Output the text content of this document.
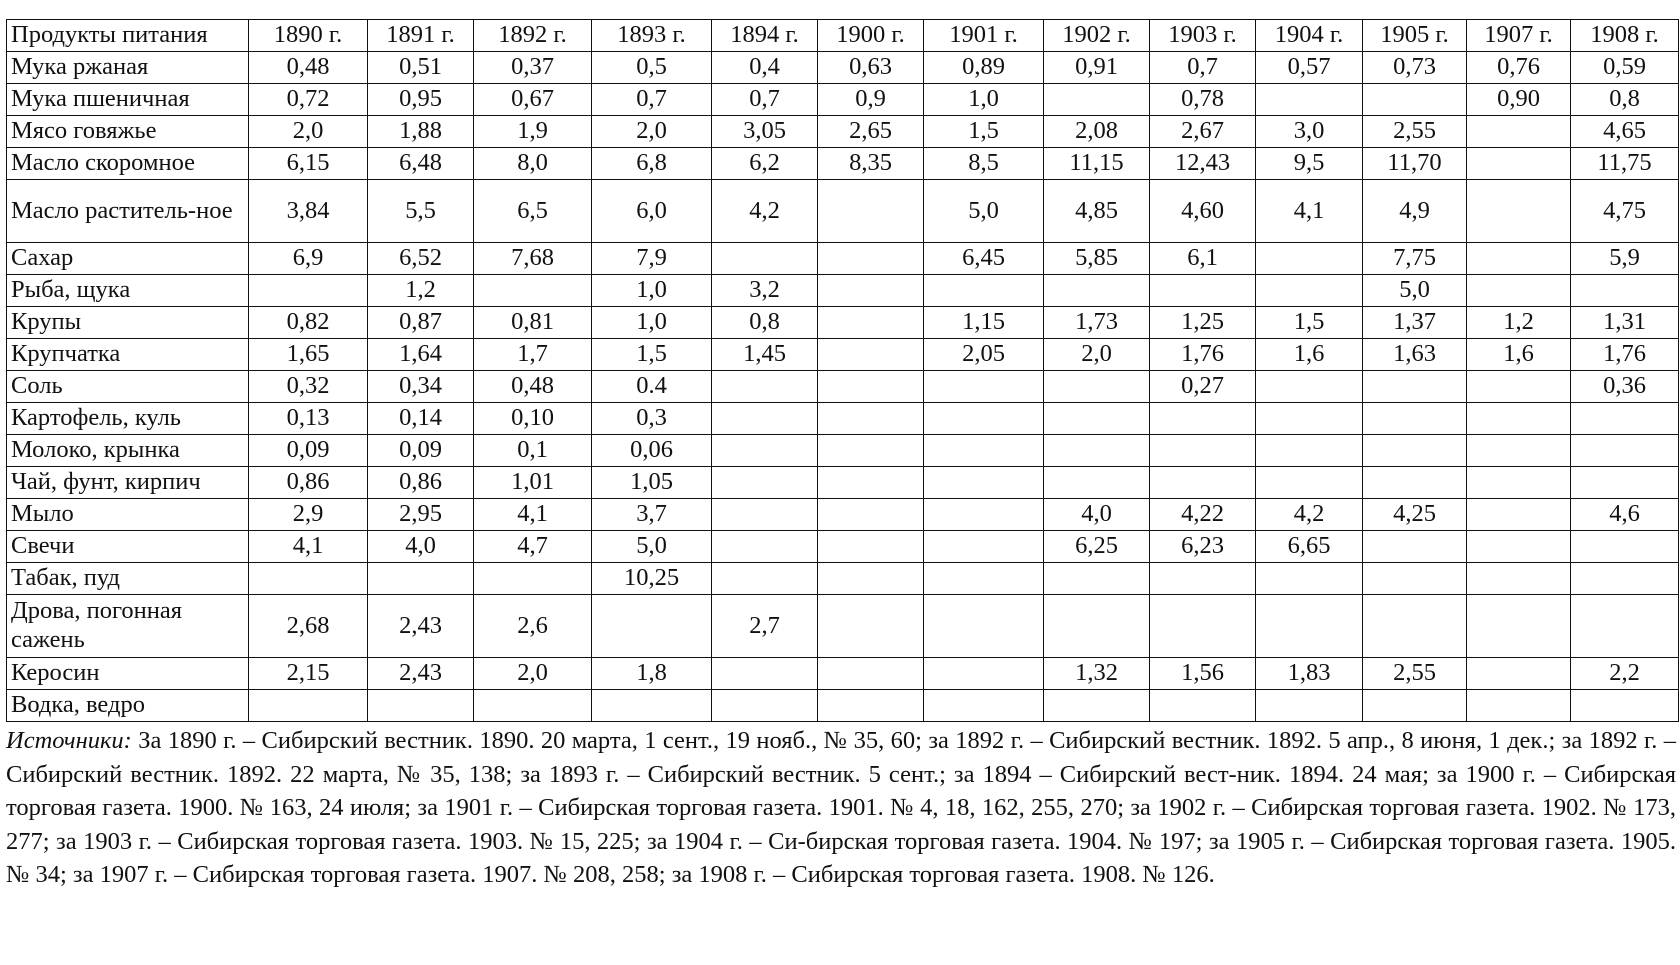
Продукты питания	1890 г.	1891 г.	1892 г.	1893 г.	1894 г.	1900 г.	1901 г.	1902 г.	1903 г.	1904 г.	1905 г.	1907 г.	1908 г.
Мука ржаная	0,48	0,51	0,37	0,5	0,4	0,63	0,89	0,91	0,7	0,57	0,73	0,76	0,59
Мука пшеничная	0,72	0,95	0,67	0,7	0,7	0,9	1,0		0,78			0,90	0,8
Мясо говяжье	2,0	1,88	1,9	2,0	3,05	2,65	1,5	2,08	2,67	3,0	2,55		4,65
Масло скоромное	6,15	6,48	8,0	6,8	6,2	8,35	8,5	11,15	12,43	9,5	11,70		11,75
Масло раститель-ное	3,84	5,5	6,5	6,0	4,2		5,0	4,85	4,60	4,1	4,9		4,75
Сахар	6,9	6,52	7,68	7,9			6,45	5,85	6,1		7,75		5,9
Рыба, щука		1,2		1,0	3,2						5,0		
Крупы	0,82	0,87	0,81	1,0	0,8		1,15	1,73	1,25	1,5	1,37	1,2	1,31
Крупчатка	1,65	1,64	1,7	1,5	1,45		2,05	2,0	1,76	1,6	1,63	1,6	1,76
Соль	0,32	0,34	0,48	0.4					0,27				0,36
Картофель, куль	0,13	0,14	0,10	0,3									
Молоко, крынка	0,09	0,09	0,1	0,06									
Чай, фунт, кирпич	0,86	0,86	1,01	1,05									
Мыло	2,9	2,95	4,1	3,7				4,0	4,22	4,2	4,25		4,6
Свечи	4,1	4,0	4,7	5,0				6,25	6,23	6,65			
Табак, пуд				10,25									
Дрова, погонная сажень	2,68	2,43	2,6		2,7								
Керосин	2,15	2,43	2,0	1,8				1,32	1,56	1,83	2,55		2,2
Водка, ведро													
Источники: За 1890 г. – Сибирский вестник. 1890. 20 марта, 1 сент., 19 нояб., № 35, 60; за 1892 г. – Сибирский вестник. 1892. 5 апр., 8 июня, 1 дек.; за 1892 г. – Сибирский вестник. 1892. 22 марта, № 35, 138; за 1893 г. – Сибирский вестник. 5 сент.; за 1894 – Сибирский вест-ник. 1894. 24 мая; за 1900 г. – Сибирская торговая газета. 1900. № 163, 24 июля; за 1901 г. – Сибирская торговая газета. 1901. № 4, 18, 162, 255, 270; за 1902 г. – Сибирская торговая газета. 1902. № 173, 277; за 1903 г. – Сибирская торговая газета. 1903. № 15, 225; за 1904 г. – Си-бирская торговая газета. 1904. № 197; за 1905 г. – Сибирская торговая газета. 1905. № 34; за 1907 г. – Сибирская торговая газета. 1907. № 208, 258; за 1908 г. – Сибирская торговая газета. 1908. № 126.
